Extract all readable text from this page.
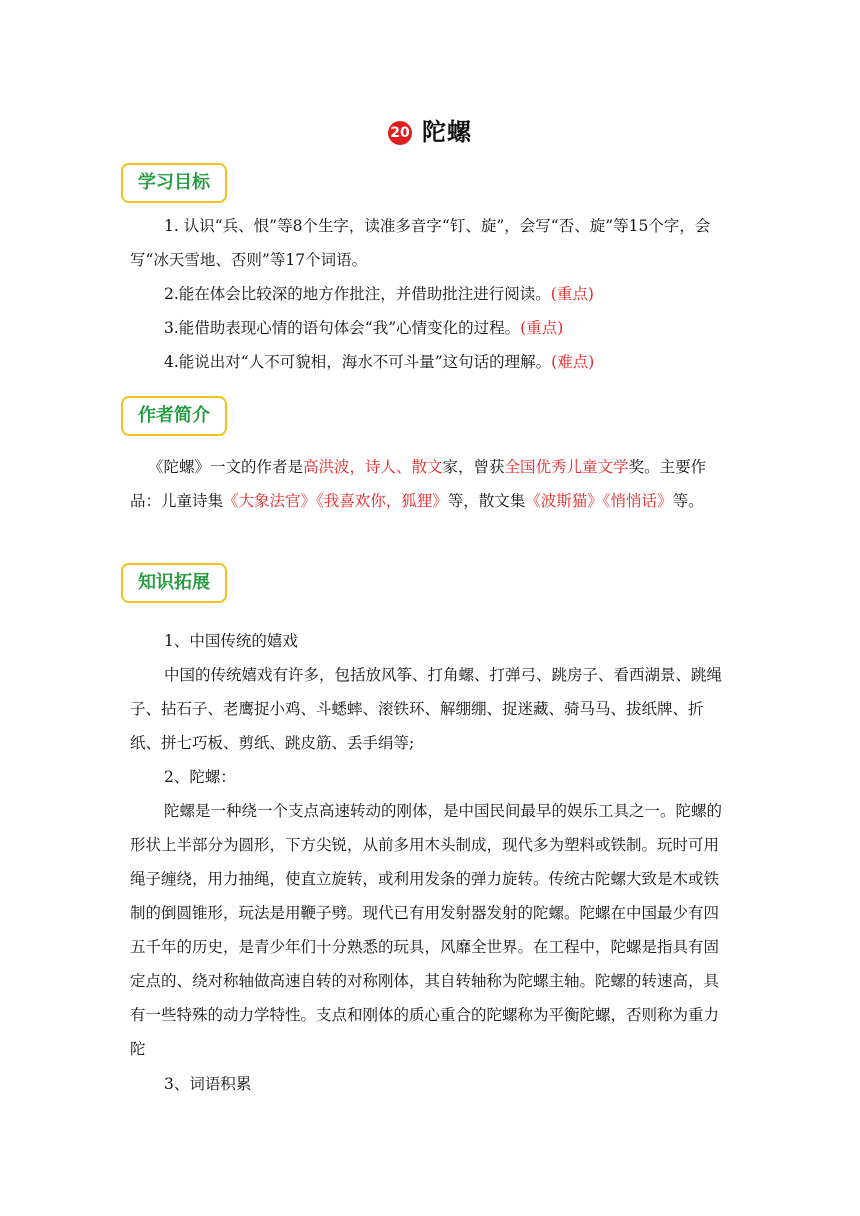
20 陀螺
学习目标

1. 认识“兵、恨”等8个生字，读准多音字“钉、旋”，会写“否、旋”等15个字，会写“冰天雪地、否则”等17个词语。

2.能在体会比较深的地方作批注，并借助批注进行阅读。(重点)

3.能借助表现心情的语句体会“我”心情变化的过程。(重点)

4.能说出对“人不可貌相，海水不可斗量”这句话的理解。(难点)

作者简介

《陀螺》一文的作者是高洪波，诗人、散文家，曾获全国优秀儿童文学奖。主要作品：儿童诗集《大象法官》《我喜欢你，狐狸》等，散文集《波斯猫》《悄悄话》等。

知识拓展

1、中国传统的嬉戏

中国的传统嬉戏有许多，包括放风筝、打角螺、打弹弓、跳房子、看西湖景、跳绳子、拈石子、老鹰捉小鸡、斗蟋蟀、滚铁环、解绷绷、捉迷藏、骑马马、拔纸牌、折纸、拼七巧板、剪纸、跳皮筋、丢手绢等;

2、陀螺：

陀螺是一种绕一个支点高速转动的刚体，是中国民间最早的娱乐工具之一。陀螺的形状上半部分为圆形，下方尖锐，从前多用木头制成，现代多为塑料或铁制。玩时可用绳子缠绕，用力抽绳，使直立旋转，或利用发条的弹力旋转。传统古陀螺大致是木或铁制的倒圆锥形，玩法是用鞭子劈。现代已有用发射器发射的陀螺。陀螺在中国最少有四五千年的历史，是青少年们十分熟悉的玩具，风靡全世界。在工程中，陀螺是指具有固定点的、绕对称轴做高速自转的对称刚体，其自转轴称为陀螺主轴。陀螺的转速高，具有一些特殊的动力学特性。支点和刚体的质心重合的陀螺称为平衡陀螺，否则称为重力陀

3、词语积累
